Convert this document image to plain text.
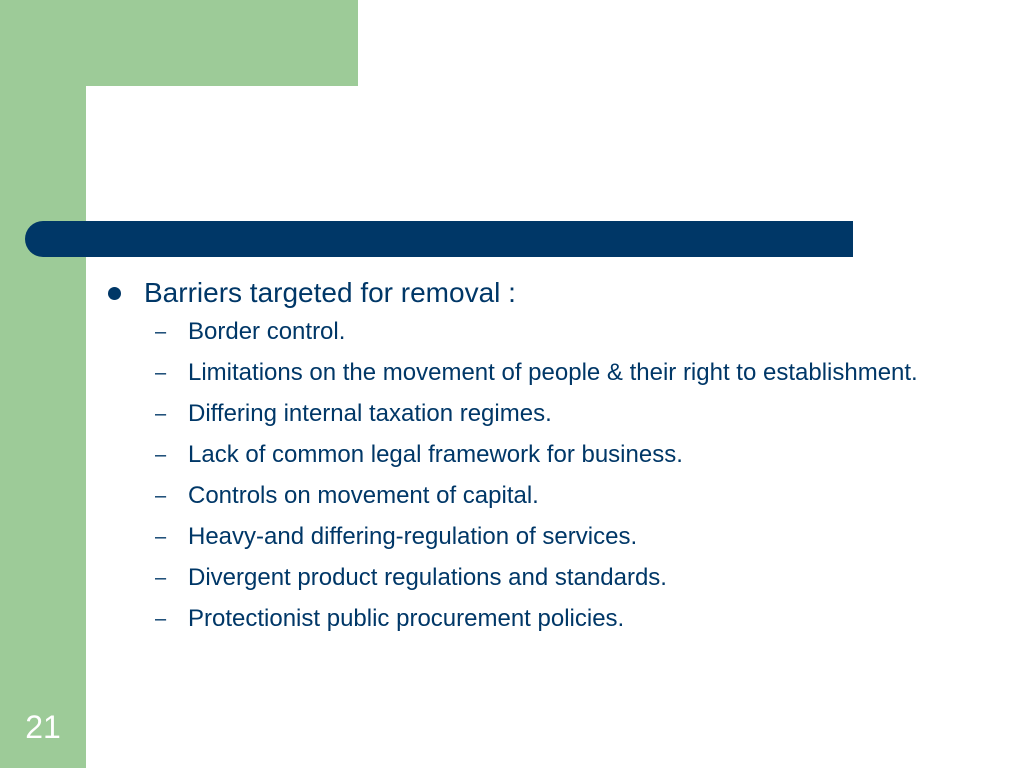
Barriers targeted for removal :
– Border control.
– Limitations on the movement of people & their right to establishment.
– Differing internal taxation regimes.
– Lack of common legal framework for business.
– Controls on movement of capital.
– Heavy-and differing-regulation of services.
– Divergent product regulations and standards.
– Protectionist public procurement policies.
21
